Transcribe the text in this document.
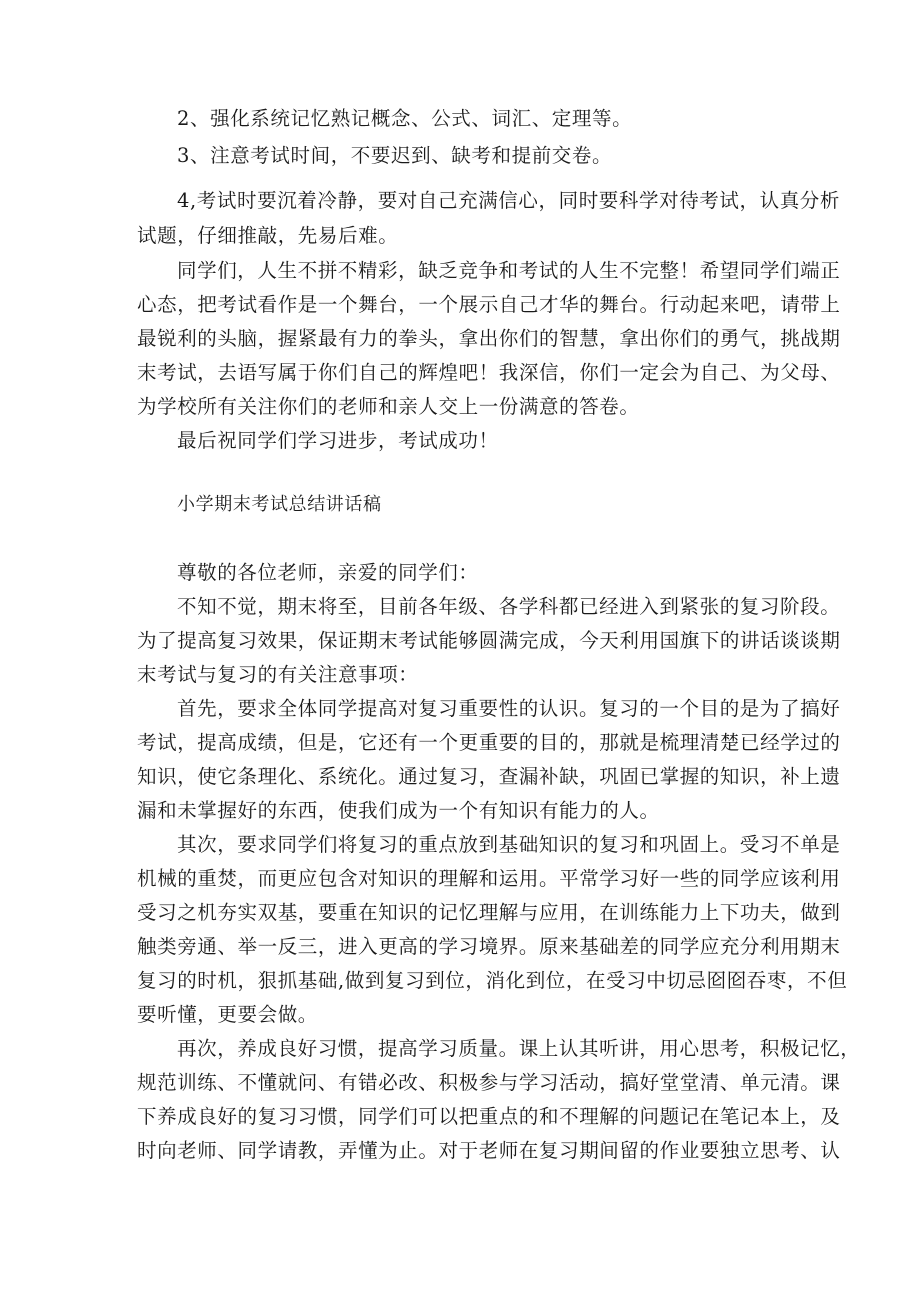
2、强化系统记忆熟记概念、公式、词汇、定理等。
3、注意考试时间，不要迟到、缺考和提前交卷。
4,考试时要沉着冷静，要对自己充满信心，同时要科学对待考试，认真分析
试题，仔细推敲，先易后难。
同学们，人生不拼不精彩，缺乏竞争和考试的人生不完整！希望同学们端正
心态，把考试看作是一个舞台，一个展示自己才华的舞台。行动起来吧，请带上
最锐利的头脑，握紧最有力的拳头，拿出你们的智慧，拿出你们的勇气，挑战期
末考试，去语写属于你们自己的辉煌吧！我深信，你们一定会为自己、为父母、
为学校所有关注你们的老师和亲人交上一份满意的答卷。
最后祝同学们学习进步，考试成功！
小学期末考试总结讲话稿
尊敬的各位老师，亲爱的同学们：
不知不觉，期末将至，目前各年级、各学科都已经进入到紧张的复习阶段。
为了提高复习效果，保证期末考试能够圆满完成，今天利用国旗下的讲话谈谈期
末考试与复习的有关注意事项：
首先，要求全体同学提高对复习重要性的认识。复习的一个目的是为了搞好
考试，提高成绩，但是，它还有一个更重要的目的，那就是梳理清楚已经学过的
知识，使它条理化、系统化。通过复习，查漏补缺，巩固已掌握的知识，补上遗
漏和未掌握好的东西，使我们成为一个有知识有能力的人。
其次，要求同学们将复习的重点放到基础知识的复习和巩固上。受习不单是
机械的重焚，而更应包含对知识的理解和运用。平常学习好一些的同学应该利用
受习之机夯实双基，要重在知识的记忆理解与应用，在训练能力上下功夫，做到
触类旁通、举一反三，进入更高的学习境界。原来基础差的同学应充分利用期末
复习的时机，狠抓基础,做到复习到位，消化到位，在受习中切忌囵囵吞枣，不但
要听懂，更要会做。
再次，养成良好习惯，提高学习质量。课上认其听讲，用心思考，积极记忆，
规范训练、不懂就问、有错必改、积极参与学习活动，搞好堂堂清、单元清。课
下养成良好的复习习惯，同学们可以把重点的和不理解的问题记在笔记本上，及
时向老师、同学请教，弄懂为止。对于老师在复习期间留的作业要独立思考、认
